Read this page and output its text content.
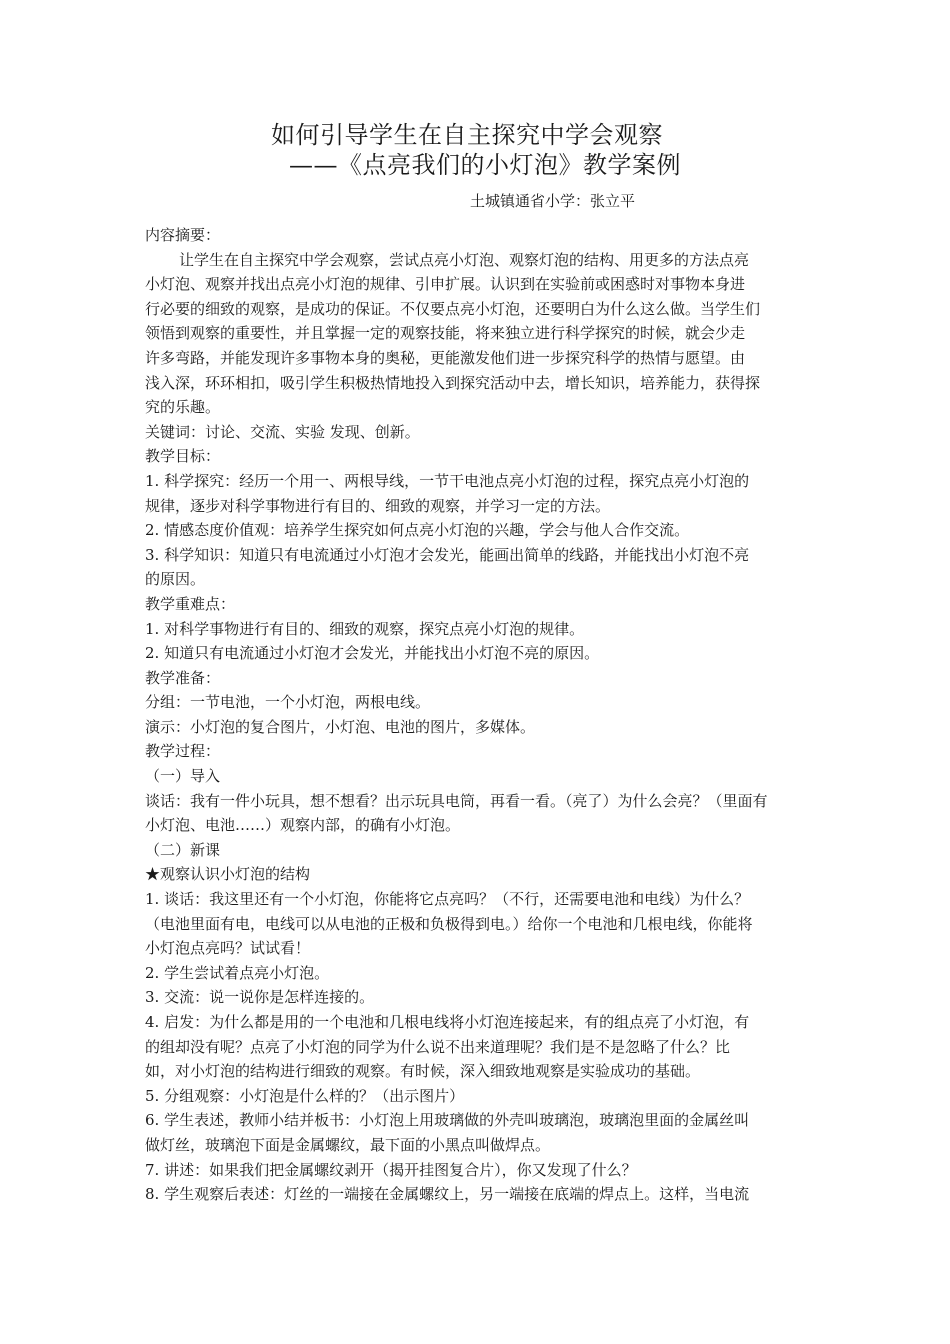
如何引导学生在自主探究中学会观察
——《点亮我们的小灯泡》教学案例
土城镇通省小学：张立平
内容摘要：
让学生在自主探究中学会观察，尝试点亮小灯泡、观察灯泡的结构、用更多的方法点亮
小灯泡、观察并找出点亮小灯泡的规律、引申扩展。认识到在实验前或困惑时对事物本身进
行必要的细致的观察，是成功的保证。不仅要点亮小灯泡，还要明白为什么这么做。当学生们
领悟到观察的重要性，并且掌握一定的观察技能，将来独立进行科学探究的时候，就会少走
许多弯路，并能发现许多事物本身的奥秘，更能激发他们进一步探究科学的热情与愿望。由
浅入深，环环相扣，吸引学生积极热情地投入到探究活动中去，增长知识，培养能力，获得探
究的乐趣。
关键词：讨论、交流、实验 发现、创新。
教学目标：
1. 科学探究：经历一个用一、两根导线，一节干电池点亮小灯泡的过程，探究点亮小灯泡的
规律，逐步对科学事物进行有目的、细致的观察，并学习一定的方法。
2. 情感态度价值观：培养学生探究如何点亮小灯泡的兴趣，学会与他人合作交流。
3. 科学知识：知道只有电流通过小灯泡才会发光，能画出简单的线路，并能找出小灯泡不亮
的原因。
教学重难点：
1. 对科学事物进行有目的、细致的观察，探究点亮小灯泡的规律。
2. 知道只有电流通过小灯泡才会发光，并能找出小灯泡不亮的原因。
教学准备：
分组：一节电池，一个小灯泡，两根电线。
演示：小灯泡的复合图片，小灯泡、电池的图片，多媒体。
教学过程：
（一）导入
谈话：我有一件小玩具，想不想看？出示玩具电筒，再看一看。（亮了）为什么会亮？（里面有
小灯泡、电池……）观察内部，的确有小灯泡。
（二）新课
★观察认识小灯泡的结构
1. 谈话：我这里还有一个小灯泡，你能将它点亮吗？（不行，还需要电池和电线）为什么？
（电池里面有电，电线可以从电池的正极和负极得到电。）给你一个电池和几根电线，你能将
小灯泡点亮吗？试试看！
2. 学生尝试着点亮小灯泡。
3. 交流：说一说你是怎样连接的。
4. 启发：为什么都是用的一个电池和几根电线将小灯泡连接起来，有的组点亮了小灯泡，有
的组却没有呢？点亮了小灯泡的同学为什么说不出来道理呢？我们是不是忽略了什么？比
如，对小灯泡的结构进行细致的观察。有时候，深入细致地观察是实验成功的基础。
5. 分组观察：小灯泡是什么样的？（出示图片）
6. 学生表述，教师小结并板书：小灯泡上用玻璃做的外壳叫玻璃泡，玻璃泡里面的金属丝叫
做灯丝，玻璃泡下面是金属螺纹，最下面的小黑点叫做焊点。
7. 讲述：如果我们把金属螺纹剥开（揭开挂图复合片），你又发现了什么？
8. 学生观察后表述：灯丝的一端接在金属螺纹上，另一端接在底端的焊点上。这样，当电流
